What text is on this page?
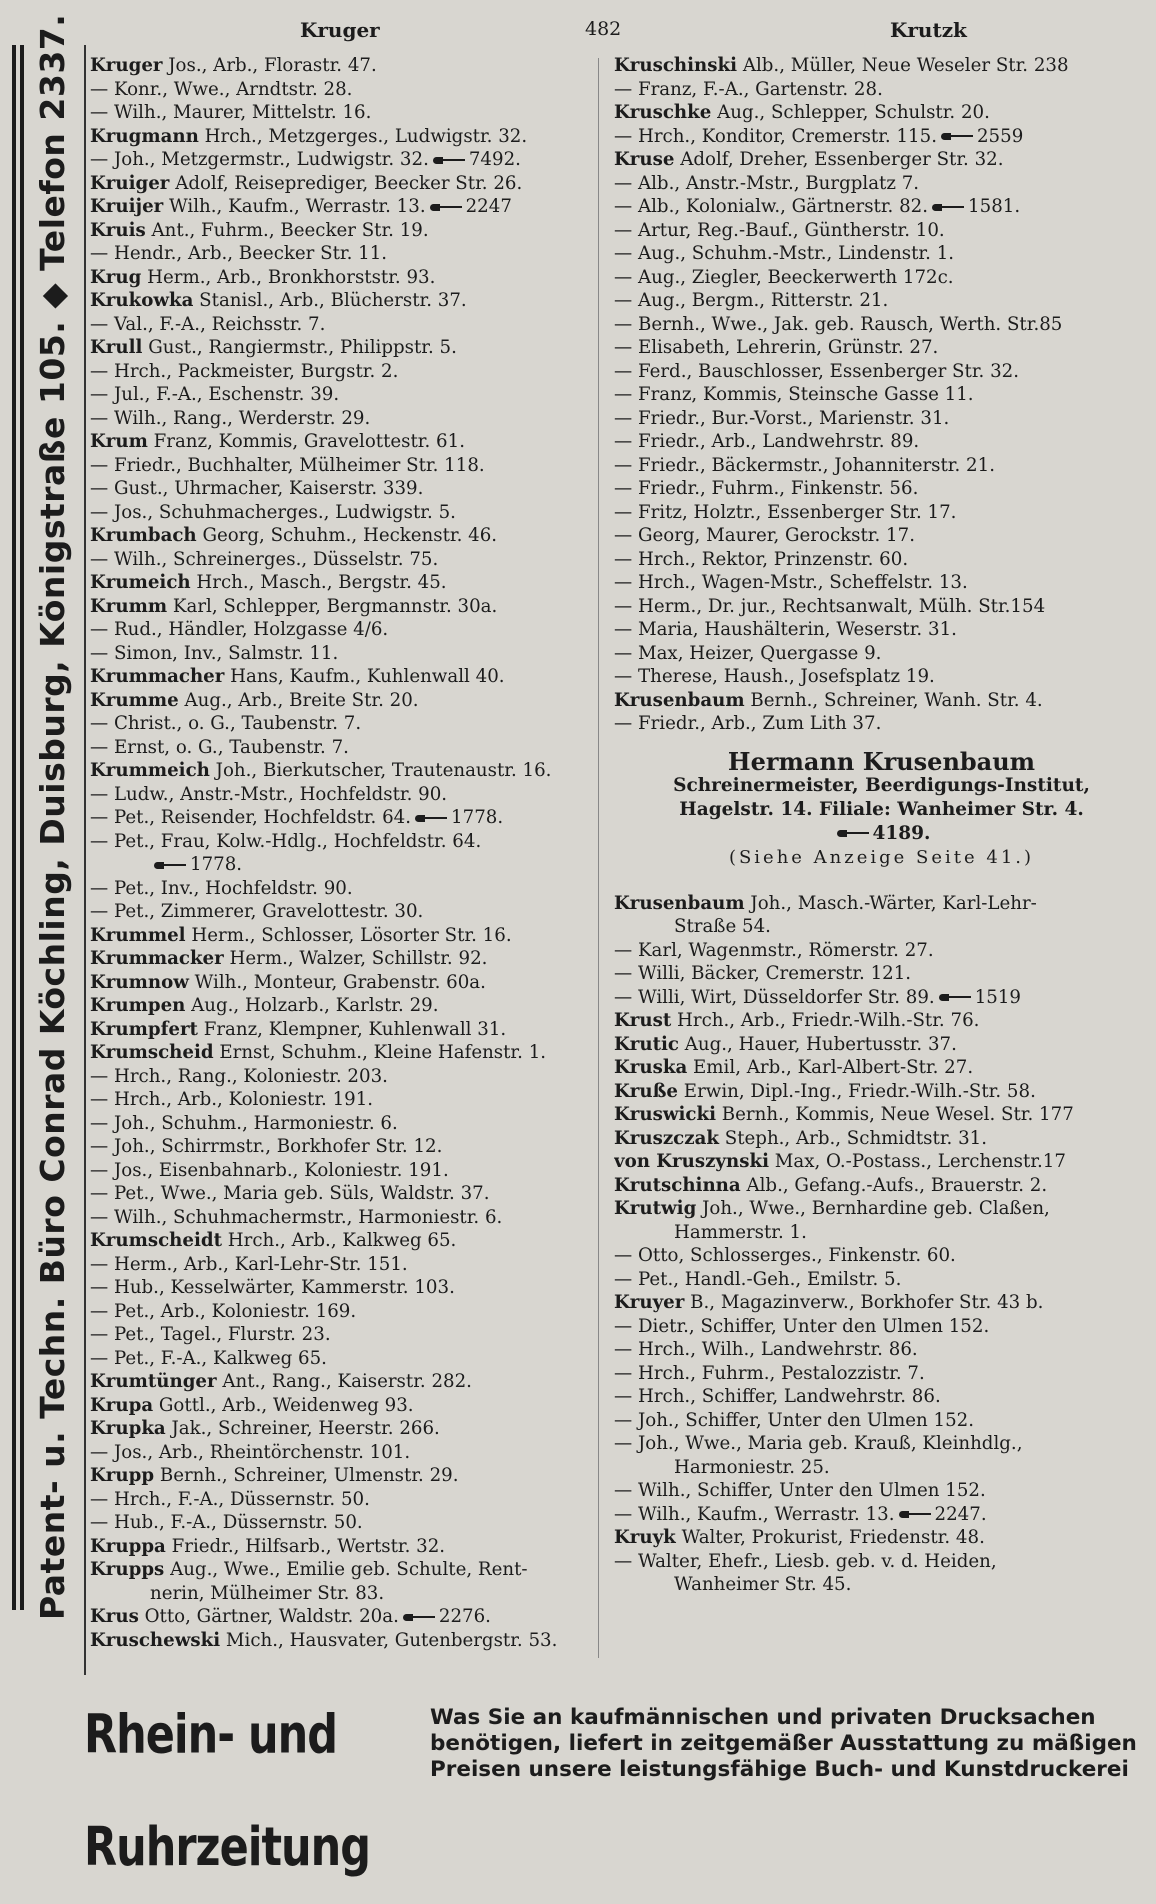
Patent- u. Techn. Büro Conrad Köchling, Duisburg, Königstraße 105. ◆ Telefon 2337.	Kruger	482	Krutzk
Kruger Jos., Arb., Florastr. 47.
— Konr., Wwe., Arndtstr. 28.
— Wilh., Maurer, Mittelstr. 16.
Krugmann Hrch., Metzgerges., Ludwigstr. 32.
— Joh., Metzgermstr., Ludwigstr. 32. 7492.
Kruiger Adolf, Reiseprediger, Beecker Str. 26.
Kruijer Wilh., Kaufm., Werrastr. 13. 2247
Kruis Ant., Fuhrm., Beecker Str. 19.
— Hendr., Arb., Beecker Str. 11.
Krug Herm., Arb., Bronkhorststr. 93.
Krukowka Stanisl., Arb., Blücherstr. 37.
— Val., F.-A., Reichsstr. 7.
Krull Gust., Rangiermstr., Philippstr. 5.
— Hrch., Packmeister, Burgstr. 2.
— Jul., F.-A., Eschenstr. 39.
— Wilh., Rang., Werderstr. 29.
Krum Franz, Kommis, Gravelottestr. 61.
— Friedr., Buchhalter, Mülheimer Str. 118.
— Gust., Uhrmacher, Kaiserstr. 339.
— Jos., Schuhmacherges., Ludwigstr. 5.
Krumbach Georg, Schuhm., Heckenstr. 46.
— Wilh., Schreinerges., Düsselstr. 75.
Krumeich Hrch., Masch., Bergstr. 45.
Krumm Karl, Schlepper, Bergmannstr. 30a.
— Rud., Händler, Holzgasse 4/6.
— Simon, Inv., Salmstr. 11.
Krummacher Hans, Kaufm., Kuhlenwall 40.
Krumme Aug., Arb., Breite Str. 20.
— Christ., o. G., Taubenstr. 7.
— Ernst, o. G., Taubenstr. 7.
Krummeich Joh., Bierkutscher, Trautenaustr. 16.
— Ludw., Anstr.-Mstr., Hochfeldstr. 90.
— Pet., Reisender, Hochfeldstr. 64. 1778.
— Pet., Frau, Kolw.-Hdlg., Hochfeldstr. 64.
1778.
— Pet., Inv., Hochfeldstr. 90.
— Pet., Zimmerer, Gravelottestr. 30.
Krummel Herm., Schlosser, Lösorter Str. 16.
Krummacker Herm., Walzer, Schillstr. 92.
Krumnow Wilh., Monteur, Grabenstr. 60a.
Krumpen Aug., Holzarb., Karlstr. 29.
Krumpfert Franz, Klempner, Kuhlenwall 31.
Krumscheid Ernst, Schuhm., Kleine Hafenstr. 1.
— Hrch., Rang., Koloniestr. 203.
— Hrch., Arb., Koloniestr. 191.
— Joh., Schuhm., Harmoniestr. 6.
— Joh., Schirrmstr., Borkhofer Str. 12.
— Jos., Eisenbahnarb., Koloniestr. 191.
— Pet., Wwe., Maria geb. Süls, Waldstr. 37.
— Wilh., Schuhmachermstr., Harmoniestr. 6.
Krumscheidt Hrch., Arb., Kalkweg 65.
— Herm., Arb., Karl-Lehr-Str. 151.
— Hub., Kesselwärter, Kammerstr. 103.
— Pet., Arb., Koloniestr. 169.
— Pet., Tagel., Flurstr. 23.
— Pet., F.-A., Kalkweg 65.
Krumtünger Ant., Rang., Kaiserstr. 282.
Krupa Gottl., Arb., Weidenweg 93.
Krupka Jak., Schreiner, Heerstr. 266.
— Jos., Arb., Rheintörchenstr. 101.
Krupp Bernh., Schreiner, Ulmenstr. 29.
— Hrch., F.-A., Düssernstr. 50.
— Hub., F.-A., Düssernstr. 50.
Kruppa Friedr., Hilfsarb., Wertstr. 32.
Krupps Aug., Wwe., Emilie geb. Schulte, Rent-
nerin, Mülheimer Str. 83.
Krus Otto, Gärtner, Waldstr. 20a. 2276.
Kruschewski Mich., Hausvater, Gutenbergstr. 53.
Kruschinski Alb., Müller, Neue Weseler Str. 238
— Franz, F.-A., Gartenstr. 28.
Kruschke Aug., Schlepper, Schulstr. 20.
— Hrch., Konditor, Cremerstr. 115. 2559
Kruse Adolf, Dreher, Essenberger Str. 32.
— Alb., Anstr.-Mstr., Burgplatz 7.
— Alb., Kolonialw., Gärtnerstr. 82. 1581.
— Artur, Reg.-Bauf., Güntherstr. 10.
— Aug., Schuhm.-Mstr., Lindenstr. 1.
— Aug., Ziegler, Beeckerwerth 172c.
— Aug., Bergm., Ritterstr. 21.
— Bernh., Wwe., Jak. geb. Rausch, Werth. Str.85
— Elisabeth, Lehrerin, Grünstr. 27.
— Ferd., Bauschlosser, Essenberger Str. 32.
— Franz, Kommis, Steinsche Gasse 11.
— Friedr., Bur.-Vorst., Marienstr. 31.
— Friedr., Arb., Landwehrstr. 89.
— Friedr., Bäckermstr., Johanniterstr. 21.
— Friedr., Fuhrm., Finkenstr. 56.
— Fritz, Holztr., Essenberger Str. 17.
— Georg, Maurer, Gerockstr. 17.
— Hrch., Rektor, Prinzenstr. 60.
— Hrch., Wagen-Mstr., Scheffelstr. 13.
— Herm., Dr. jur., Rechtsanwalt, Mülh. Str.154
— Maria, Haushälterin, Weserstr. 31.
— Max, Heizer, Quergasse 9.
— Therese, Haush., Josefsplatz 19.
Krusenbaum Bernh., Schreiner, Wanh. Str. 4.
— Friedr., Arb., Zum Lith 37.
Hermann Krusenbaum
Schreinermeister, Beerdigungs-Institut,
Hagelstr. 14. Filiale: Wanheimer Str. 4.
4189.
(Siehe Anzeige Seite 41.)
Krusenbaum Joh., Masch.-Wärter, Karl-Lehr-
Straße 54.
— Karl, Wagenmstr., Römerstr. 27.
— Willi, Bäcker, Cremerstr. 121.
— Willi, Wirt, Düsseldorfer Str. 89. 1519
Krust Hrch., Arb., Friedr.-Wilh.-Str. 76.
Krutic Aug., Hauer, Hubertusstr. 37.
Kruska Emil, Arb., Karl-Albert-Str. 27.
Kruße Erwin, Dipl.-Ing., Friedr.-Wilh.-Str. 58.
Kruswicki Bernh., Kommis, Neue Wesel. Str. 177
Kruszczak Steph., Arb., Schmidtstr. 31.
von Kruszynski Max, O.-Postass., Lerchenstr.17
Krutschinna Alb., Gefang.-Aufs., Brauerstr. 2.
Krutwig Joh., Wwe., Bernhardine geb. Claßen,
Hammerstr. 1.
— Otto, Schlosserges., Finkenstr. 60.
— Pet., Handl.-Geh., Emilstr. 5.
Kruyer B., Magazinverw., Borkhofer Str. 43 b.
— Dietr., Schiffer, Unter den Ulmen 152.
— Hrch., Wilh., Landwehrstr. 86.
— Hrch., Fuhrm., Pestalozzistr. 7.
— Hrch., Schiffer, Landwehrstr. 86.
— Joh., Schiffer, Unter den Ulmen 152.
— Joh., Wwe., Maria geb. Krauß, Kleinhdlg.,
Harmoniestr. 25.
— Wilh., Schiffer, Unter den Ulmen 152.
— Wilh., Kaufm., Werrastr. 13. 2247.
Kruyk Walter, Prokurist, Friedenstr. 48.
— Walter, Ehefr., Liesb. geb. v. d. Heiden,
Wanheimer Str. 45.
Rhein- und Ruhrzeitung
Was Sie an kaufmännischen und privaten Drucksachen
benötigen, liefert in zeitgemäßer Ausstattung zu mäßigen
Preisen unsere leistungsfähige Buch- und Kunstdruckerei
